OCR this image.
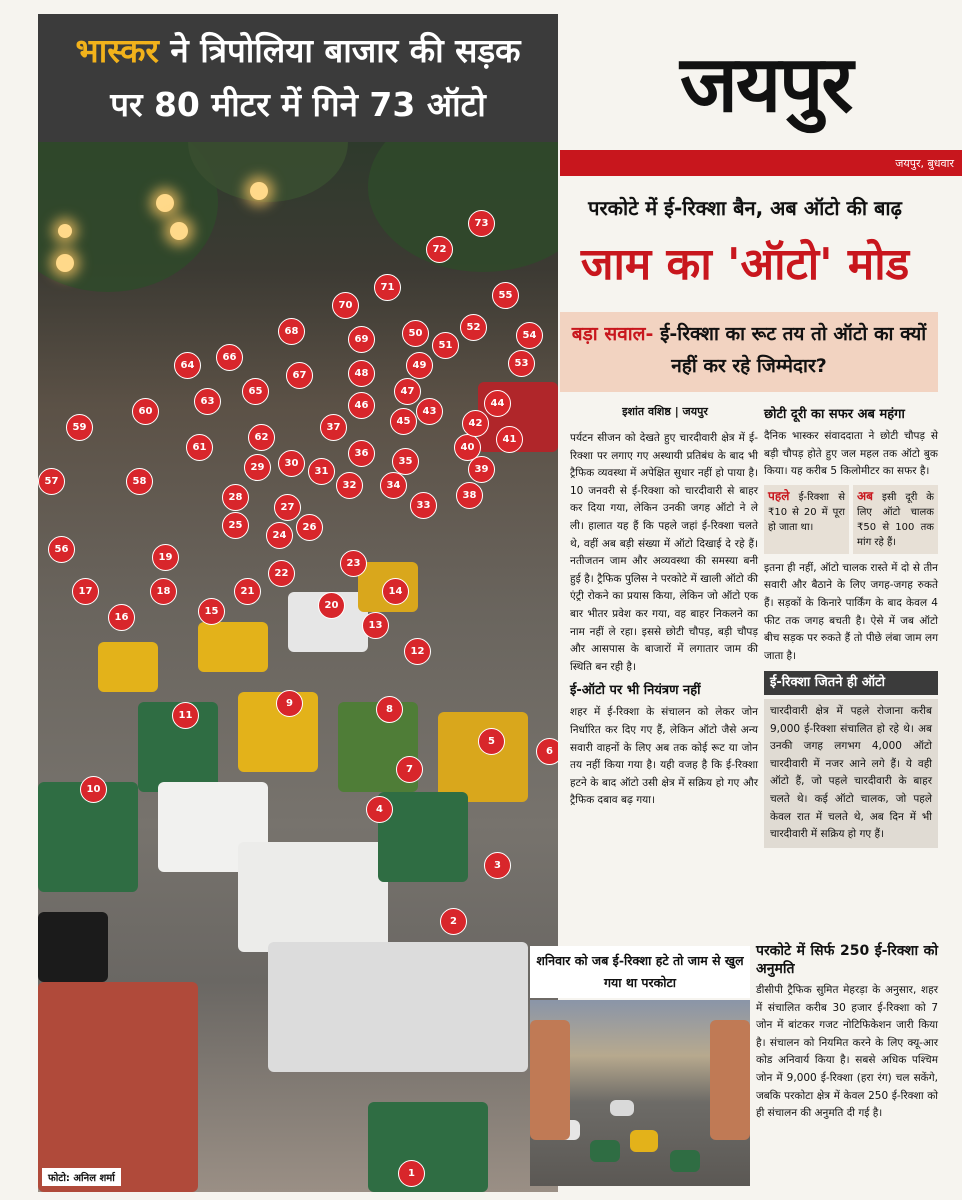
भास्कर ने त्रिपोलिया बाजार की सड़क पर 80 मीटर में गिने 73 ऑटो
1
2
3
4
5
6
7
8
9
10
11
12
13
14
15
16
17	18
19
20
21
22
23
24
25	26
27
28
29	30
31
32
33
34
35
36
37
38
39
40
41
42
43
44
45
46
47
48
49
50
51
52
53
54
55
56
57	58
59
60
61
62
63
64
65
66
67
68
69
70
71
72
73
फोटो: अनिल शर्मा
जयपुर
जयपुर, बुधवार
परकोटे में ई-रिक्शा बैन, अब ऑटो की बाढ़
जाम का 'ऑटो' मोड
बड़ा सवाल- ई-रिक्शा का रूट तय तो ऑटो का क्यों नहीं कर रहे जिम्मेदार?
इशांत वशिष्ठ | जयपुर
पर्यटन सीजन को देखते हुए चारदीवारी क्षेत्र में ई-रिक्शा पर लगाए गए अस्थायी प्रतिबंध के बाद भी ट्रैफिक व्यवस्था में अपेक्षित सुधार नहीं हो पाया है। 10 जनवरी से ई-रिक्शा को चारदीवारी से बाहर कर दिया गया, लेकिन उनकी जगह ऑटो ने ले ली। हालात यह हैं कि पहले जहां ई-रिक्शा चलते थे, वहीं अब बड़ी संख्या में ऑटो दिखाई दे रहे हैं। नतीजतन जाम और अव्यवस्था की समस्या बनी हुई है। ट्रैफिक पुलिस ने परकोटे में खाली ऑटो की एंट्री रोकने का प्रयास किया, लेकिन जो ऑटो एक बार भीतर प्रवेश कर गया, वह बाहर निकलने का नाम नहीं ले रहा। इससे छोटी चौपड़, बड़ी चौपड़ और आसपास के बाजारों में लगातार जाम की स्थिति बन रही है।
ई-ऑटो पर भी नियंत्रण नहीं
शहर में ई-रिक्शा के संचालन को लेकर जोन निर्धारित कर दिए गए हैं, लेकिन ऑटो जैसे अन्य सवारी वाहनों के लिए अब तक कोई रूट या जोन तय नहीं किया गया है। यही वजह है कि ई-रिक्शा हटने के बाद ऑटो उसी क्षेत्र में सक्रिय हो गए और ट्रैफिक दबाव बढ़ गया।
छोटी दूरी का सफर अब महंगा
दैनिक भास्कर संवाददाता ने छोटी चौपड़ से बड़ी चौपड़ होते हुए जल महल तक ऑटो बुक किया। यह करीब 5 किलोमीटर का सफर है।
पहले ई-रिक्शा से ₹10 से 20 में पूरा हो जाता था।
अब इसी दूरी के लिए ऑटो चालक ₹50 से 100 तक मांग रहे हैं।
इतना ही नहीं, ऑटो चालक रास्ते में दो से तीन सवारी और बैठाने के लिए जगह-जगह रुकते हैं। सड़कों के किनारे पार्किंग के बाद केवल 4 फीट तक जगह बचती है। ऐसे में जब ऑटो बीच सड़क पर रुकते हैं तो पीछे लंबा जाम लग जाता है।
ई-रिक्शा जितने ही ऑटो
चारदीवारी क्षेत्र में पहले रोजाना करीब 9,000 ई-रिक्शा संचालित हो रहे थे। अब उनकी जगह लगभग 4,000 ऑटो चारदीवारी में नजर आने लगे हैं। ये वही ऑटो हैं, जो पहले चारदीवारी के बाहर चलते थे। कई ऑटो चालक, जो पहले केवल रात में चलते थे, अब दिन में भी चारदीवारी में सक्रिय हो गए हैं।
शनिवार को जब ई-रिक्शा हटे तो जाम से खुल गया था परकोटा
परकोटे में सिर्फ 250 ई-रिक्शा को अनुमति
डीसीपी ट्रैफिक सुमित मेहरड़ा के अनुसार, शहर में संचालित करीब 30 हजार ई-रिक्शा को 7 जोन में बांटकर गजट नोटिफिकेशन जारी किया है। संचालन को नियमित करने के लिए क्यू-आर कोड अनिवार्य किया है। सबसे अधिक पश्चिम जोन में 9,000 ई-रिक्शा (हरा रंग) चल सकेंगे, जबकि परकोटा क्षेत्र में केवल 250 ई-रिक्शा को ही संचालन की अनुमति दी गई है।
